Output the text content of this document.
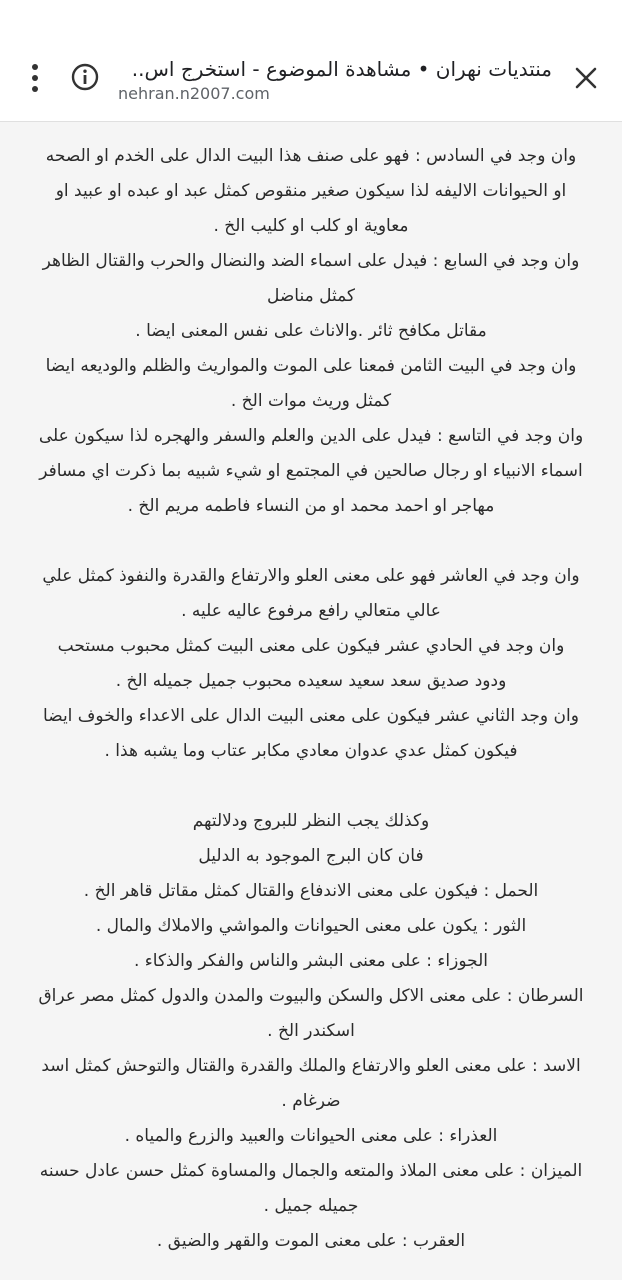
منتديات نهران • مشاهدة الموضوع - استخرج اس..
nehran.n2007.com
وان وجد في السادس : فهو على صنف هذا البيت الدال على الخدم او الصحه
او الحيوانات الاليفه لذا سيكون صغير منقوص كمثل عبد او عبده او عبيد او
معاوية او كلب او كليب الخ .
وان وجد في السابع : فيدل على اسماء الضد والنضال والحرب والقتال الظاهر
كمثل مناضل
مقاتل مكافح ثائر .والاناث على نفس المعنى ايضا .
وان وجد في البيت الثامن فمعنا على الموت والمواريث والظلم والوديعه ايضا
كمثل وريث موات الخ .
وان وجد في التاسع : فيدل على الدين والعلم والسفر والهجره لذا سيكون على
اسماء الانبياء او رجال صالحين في المجتمع او شيء شبيه بما ذكرت اي مسافر
مهاجر او احمد محمد او من النساء فاطمه مريم الخ .
وان وجد في العاشر فهو على معنى العلو والارتفاع والقدرة والنفوذ كمثل علي
عالي متعالي رافع مرفوع عاليه عليه .
وان وجد في الحادي عشر فيكون على معنى البيت كمثل محبوب مستحب
ودود صديق سعد سعيد سعيده محبوب جميل جميله الخ .
وان وجد الثاني عشر فيكون على معنى البيت الدال على الاعداء والخوف ايضا
فيكون كمثل عدي عدوان معادي مكابر عتاب وما يشبه هذا .
وكذلك يجب النظر للبروج ودلالتهم
فان كان البرج الموجود به الدليل
الحمل : فيكون على معنى الاندفاع والقتال كمثل مقاتل قاهر الخ .
الثور : يكون على معنى الحيوانات والمواشي والاملاك والمال .
الجوزاء : على معنى البشر والناس والفكر والذكاء .
السرطان : على معنى الاكل والسكن والبيوت والمدن والدول كمثل مصر عراق
اسكندر الخ .
الاسد : على معنى العلو والارتفاع والملك والقدرة والقتال والتوحش كمثل اسد
ضرغام .
العذراء : على معنى الحيوانات والعبيد والزرع والمياه .
الميزان : على معنى الملاذ والمتعه والجمال والمساوة كمثل حسن عادل حسنه
جميله جميل .
العقرب : على معنى الموت والقهر والضيق .
